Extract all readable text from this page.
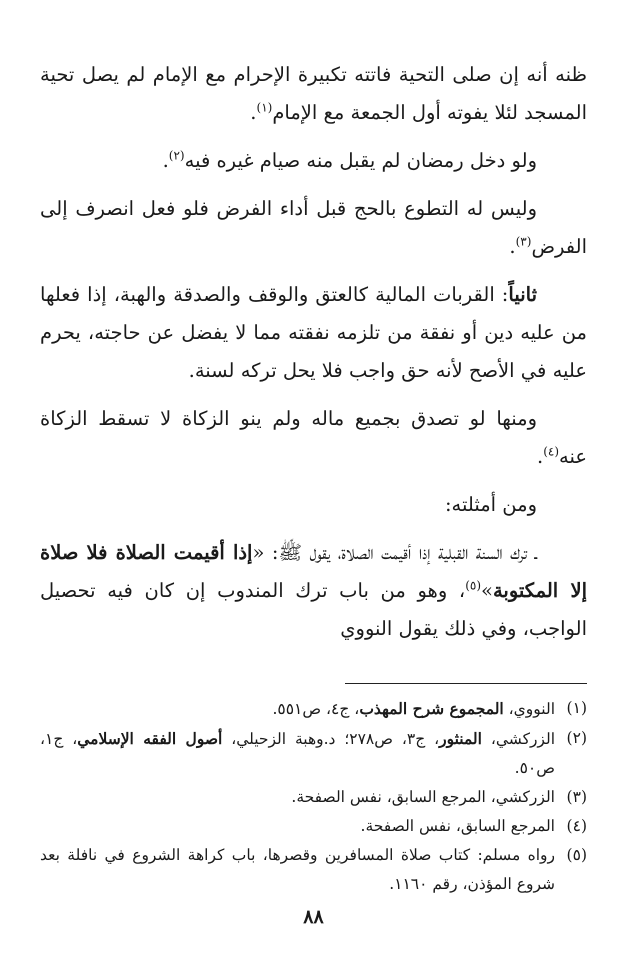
ظنه أنه إن صلى التحية فاتته تكبيرة الإحرام مع الإمام لم يصل تحية المسجد لئلا يفوته أول الجمعة مع الإمام$^{(١)}$.

ولو دخل رمضان لم يقبل منه صيام غيره فيه$^{(٢)}$.

وليس له التطوع بالحج قبل أداء الفرض فلو فعل انصرف إلى الفرض$^{(٣)}$.

ثانياً: القربات المالية كالعتق والوقف والصدقة والهبة، إذا فعلها من عليه دين أو نفقة من تلزمه نفقته مما لا يفضل عن حاجته، يحرم عليه في الأصح لأنه حق واجب فلا يحل تركه لسنة.

ومنها لو تصدق بجميع ماله ولم ينو الزكاة لا تسقط الزكاة عنه$^{(٤)}$.

ومن أمثلته:

ـ ترك السنة القبلية إذا أقيمت الصلاة، يقول ﷺ: «إذا أقيمت الصلاة فلا صلاة إلا المكتوبة»$^{(٥)}$، وهو من باب ترك المندوب إن كان فيه تحصيل الواجب، وفي ذلك يقول النووي

(١)
النووي، المجموع شرح المهذب، ج٤، ص٥٥١.
(٢)
الزركشي، المنثور، ج٣، ص٢٧٨؛ د.وهبة الزحيلي، أصول الفقه الإسلامي، ج١، ص٥٠.
(٣)
الزركشي، المرجع السابق، نفس الصفحة.
(٤)
المرجع السابق، نفس الصفحة.
(٥)
رواه مسلم: كتاب صلاة المسافرين وقصرها، باب كراهة الشروع في نافلة بعد شروع المؤذن، رقم ١١٦٠.
٨٨
